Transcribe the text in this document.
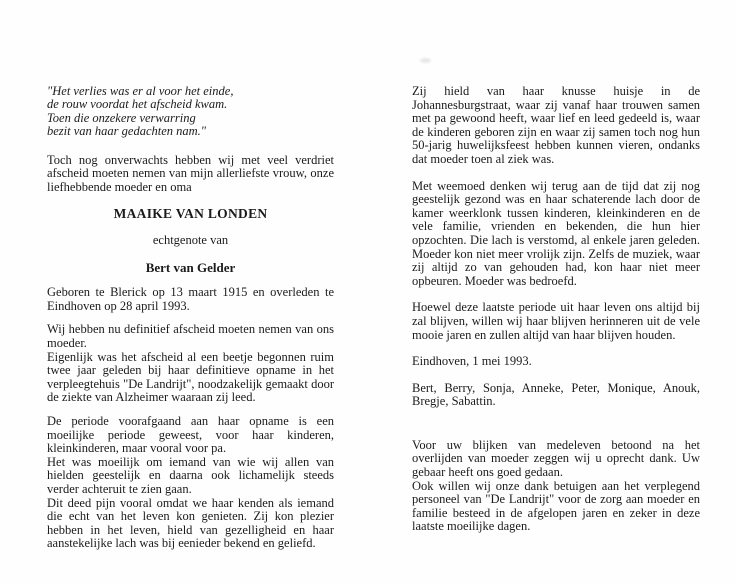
"Het verlies was er al voor het einde,
de rouw voordat het afscheid kwam.
Toen die onzekere verwarring
bezit van haar gedachten nam."

Toch nog onverwachts hebben wij met veel verdriet afscheid moeten nemen van mijn allerliefste vrouw, onze liefhebbende moeder en oma

MAAIKE VAN LONDEN
echtgenote van
Bert van Gelder

Geboren te Blerick op 13 maart 1915 en overleden te Eindhoven op 28 april 1993.

Wij hebben nu definitief afscheid moeten nemen van ons moeder.

Eigenlijk was het afscheid al een beetje begonnen ruim twee jaar geleden bij haar definitieve opname in het verpleegtehuis "De Landrijt", noodzakelijk gemaakt door de ziekte van Alzheimer waaraan zij leed.

De periode voorafgaand aan haar opname is een moeilijke periode geweest, voor haar kinderen, kleinkinderen, maar vooral voor pa.

Het was moeilijk om iemand van wie wij allen van hielden geestelijk en daarna ook lichamelijk steeds verder achteruit te zien gaan.

Dit deed pijn vooral omdat we haar kenden als iemand die echt van het leven kon genieten. Zij kon plezier hebben in het leven, hield van gezelligheid en haar aanstekelijke lach was bij eenieder bekend en geliefd.

Zij hield van haar knusse huisje in de Johannesburgstraat, waar zij vanaf haar trouwen samen met pa gewoond heeft, waar lief en leed gedeeld is, waar de kinderen geboren zijn en waar zij samen toch nog hun 50-jarig huwelijksfeest hebben kunnen vieren, ondanks dat moeder toen al ziek was.

Met weemoed denken wij terug aan de tijd dat zij nog geestelijk gezond was en haar schaterende lach door de kamer weerklonk tussen kinderen, kleinkinderen en de vele familie, vrienden en bekenden, die hun hier opzochten. Die lach is verstomd, al enkele jaren geleden. Moeder kon niet meer vrolijk zijn. Zelfs de muziek, waar zij altijd zo van gehouden had, kon haar niet meer opbeuren. Moeder was bedroefd.

Hoewel deze laatste periode uit haar leven ons altijd bij zal blijven, willen wij haar blijven herinneren uit de vele mooie jaren en zullen altijd van haar blijven houden.

Eindhoven, 1 mei 1993.

Bert, Berry, Sonja, Anneke, Peter, Monique, Anouk, Bregje, Sabattin.

Voor uw blijken van medeleven betoond na het overlijden van moeder zeggen wij u oprecht dank. Uw gebaar heeft ons goed gedaan.

Ook willen wij onze dank betuigen aan het verplegend personeel van "De Landrijt" voor de zorg aan moeder en familie besteed in de afgelopen jaren en zeker in deze laatste moeilijke dagen.
